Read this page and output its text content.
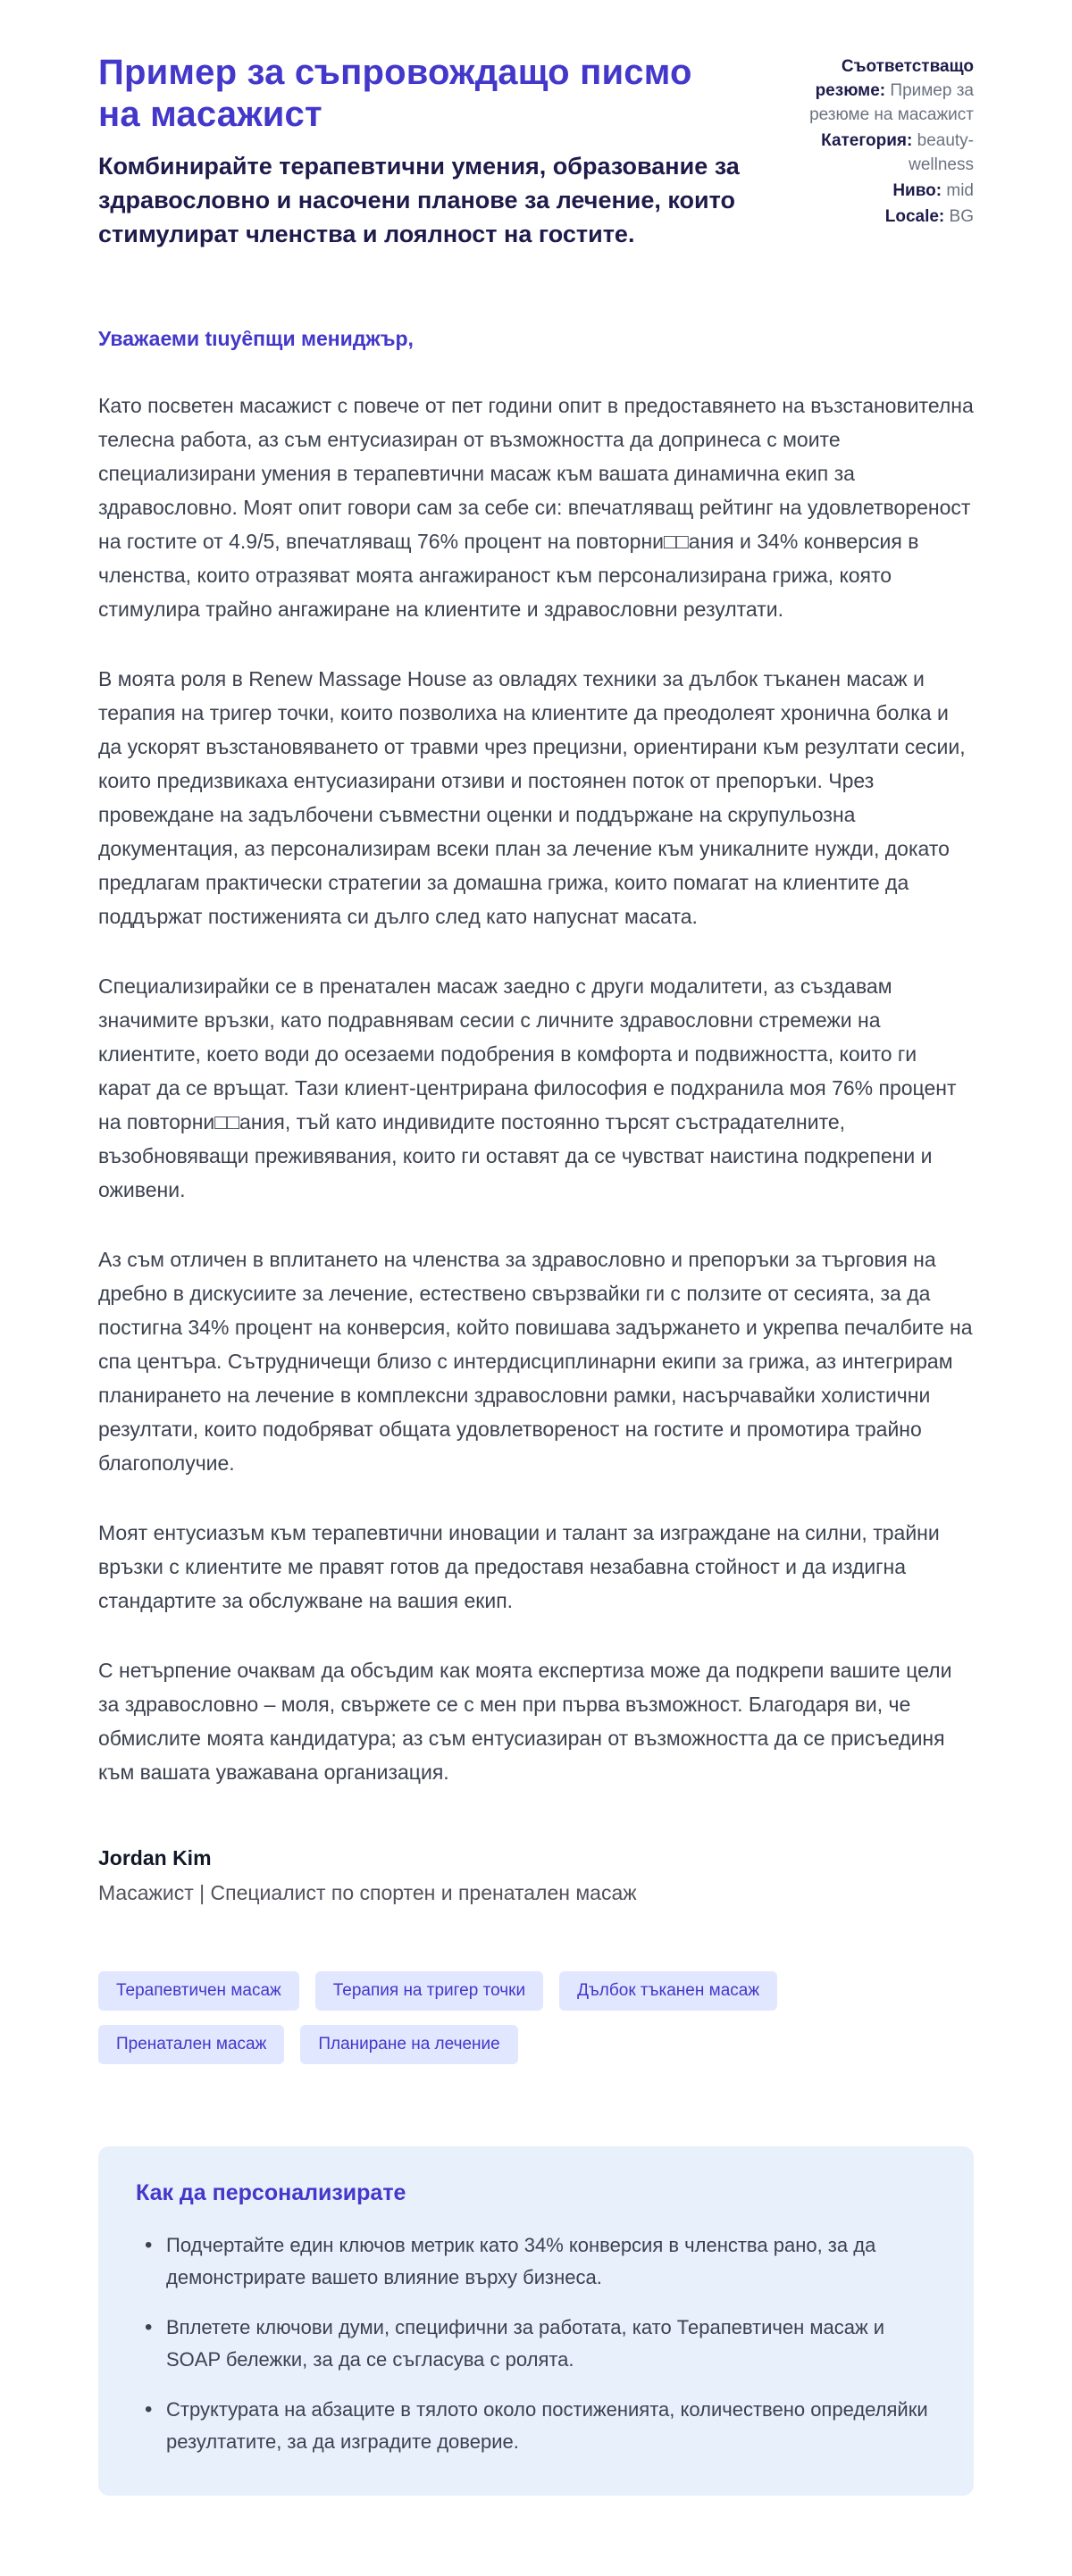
Пример за съпровождащо писмо на масажист
Комбинирайте терапевтични умения, образование за здравословно и насочени планове за лечение, които стимулират членства и лоялност на гостите.
Съответстващо резюме: Пример за резюме на масажист
Категория: beauty-wellness
Ниво: mid
Locale: BG
Уважаеми tıuyȇпщи мениджър,

Като посветен масажист с повече от пет години опит в предоставянето на възстановителна телесна работа, аз съм ентусиазиран от възможността да допринеса с моите специализирани умения в терапевтични масаж към вашата динамична екип за здравословно. Моят опит говори сам за себе си: впечатляващ рейтинг на удовлетвореност на гостите от 4.9/5, впечатляващ 76% процент на повторни□□ания и 34% конверсия в членства, които отразяват моята ангажираност към персонализирана грижа, която стимулира трайно ангажиране на клиентите и здравословни резултати.

В моята роля в Renew Massage House аз овладях техники за дълбок тъканен масаж и терапия на тригер точки, които позволиха на клиентите да преодолеят хронична болка и да ускорят възстановяването от травми чрез прецизни, ориентирани към резултати сесии, които предизвикаха ентусиазирани отзиви и постоянен поток от препоръки. Чрез провеждане на задълбочени съвместни оценки и поддържане на скрупульозна документация, аз персонализирам всеки план за лечение към уникалните нужди, докато предлагам практически стратегии за домашна грижа, които помагат на клиентите да поддържат постиженията си дълго след като напуснат масата.

Специализирайки се в пренатален масаж заедно с други модалитети, аз създавам значимите връзки, като подравнявам сесии с личните здравословни стремежи на клиентите, което води до осезаеми подобрения в комфорта и подвижността, които ги карат да се връщат. Тази клиент-центрирана философия е подхранила моя 76% процент на повторни□□ания, тъй като индивидите постоянно търсят състрадателните, възобновяващи преживявания, които ги оставят да се чувстват наистина подкрепени и оживени.

Аз съм отличен в вплитането на членства за здравословно и препоръки за търговия на дребно в дискусиите за лечение, естествено свързвайки ги с ползите от сесията, за да постигна 34% процент на конверсия, който повишава задържането и укрепва печалбите на спа центъра. Сътрудничещи близо с интердисциплинарни екипи за грижа, аз интегрирам планирането на лечение в комплексни здравословни рамки, насърчавайки холистични резултати, които подобряват общата удовлетвореност на гостите и промотира трайно благополучие.

Моят ентусиазъм към терапевтични иновации и талант за изграждане на силни, трайни връзки с клиентите ме правят готов да предоставя незабавна стойност и да издигна стандартите за обслужване на вашия екип.

С нетърпение очаквам да обсъдим как моята експертиза може да подкрепи вашите цели за здравословно – моля, свържете се с мен при първа възможност. Благодаря ви, че обмислите моята кандидатура; аз съм ентусиазиран от възможността да се присъединя към вашата уважавана организация.

Jordan Kim
Масажист | Специалист по спортен и пренатален масаж
Терапевтичен масаж	Терапия на тригер точки	Дълбок тъканен масаж
Пренатален масаж	Планиране на лечение
Как да персонализирате
• Подчертайте един ключов метрик като 34% конверсия в членства рано, за да демонстрирате вашето влияние върху бизнеса.
• Вплетете ключови думи, специфични за работата, като Терапевтичен масаж и SOAP бележки, за да се съгласува с ролята.
• Структурата на абзаците в тялото около постиженията, количествено определяйки резултатите, за да изградите доверие.
